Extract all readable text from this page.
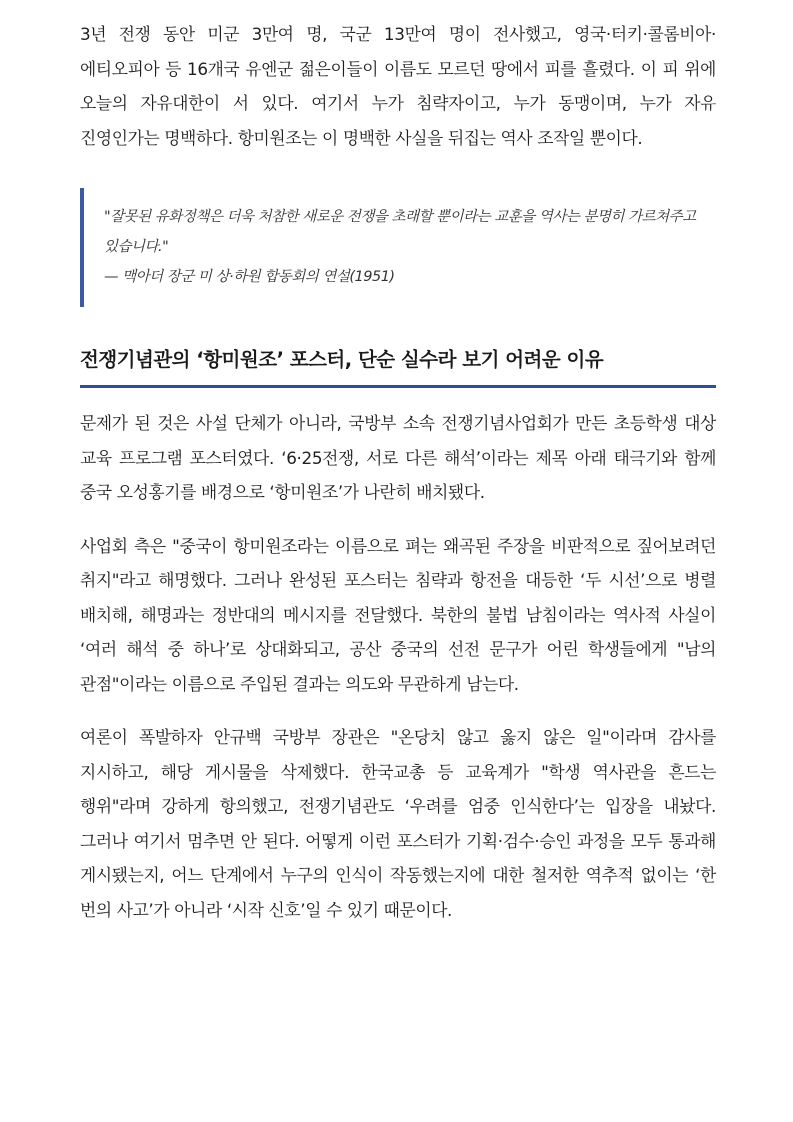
3년 전쟁 동안 미군 3만여 명, 국군 13만여 명이 전사했고, 영국·터키·콜롬비아·에티오피아 등 16개국 유엔군 젊은이들이 이름도 모르던 땅에서 피를 흘렸다. 이 피 위에 오늘의 자유대한이 서 있다. 여기서 누가 침략자이고, 누가 동맹이며, 누가 자유 진영인가는 명백하다. 항미원조는 이 명백한 사실을 뒤집는 역사 조작일 뿐이다.

"잘못된 유화정책은 더욱 처참한 새로운 전쟁을 초래할 뿐이라는 교훈을 역사는 분명히 가르쳐주고 있습니다."

— 맥아더 장군 미 상·하원 합동회의 연설(1951)

전쟁기념관의 ‘항미원조’ 포스터, 단순 실수라 보기 어려운 이유

문제가 된 것은 사설 단체가 아니라, 국방부 소속 전쟁기념사업회가 만든 초등학생 대상 교육 프로그램 포스터였다. ‘6·25전쟁, 서로 다른 해석’이라는 제목 아래 태극기와 함께 중국 오성홍기를 배경으로 ‘항미원조’가 나란히 배치됐다.

사업회 측은 "중국이 항미원조라는 이름으로 펴는 왜곡된 주장을 비판적으로 짚어보려던 취지"라고 해명했다. 그러나 완성된 포스터는 침략과 항전을 대등한 ‘두 시선’으로 병렬 배치해, 해명과는 정반대의 메시지를 전달했다. 북한의 불법 남침이라는 역사적 사실이 ‘여러 해석 중 하나’로 상대화되고, 공산 중국의 선전 문구가 어린 학생들에게 "남의 관점"이라는 이름으로 주입된 결과는 의도와 무관하게 남는다.

여론이 폭발하자 안규백 국방부 장관은 "온당치 않고 옳지 않은 일"이라며 감사를 지시하고, 해당 게시물을 삭제했다. 한국교총 등 교육계가 "학생 역사관을 흔드는 행위"라며 강하게 항의했고, 전쟁기념관도 ‘우려를 엄중 인식한다’는 입장을 내놨다. 그러나 여기서 멈추면 안 된다. 어떻게 이런 포스터가 기획·검수·승인 과정을 모두 통과해 게시됐는지, 어느 단계에서 누구의 인식이 작동했는지에 대한 철저한 역추적 없이는 ‘한 번의 사고’가 아니라 ‘시작 신호’일 수 있기 때문이다.
